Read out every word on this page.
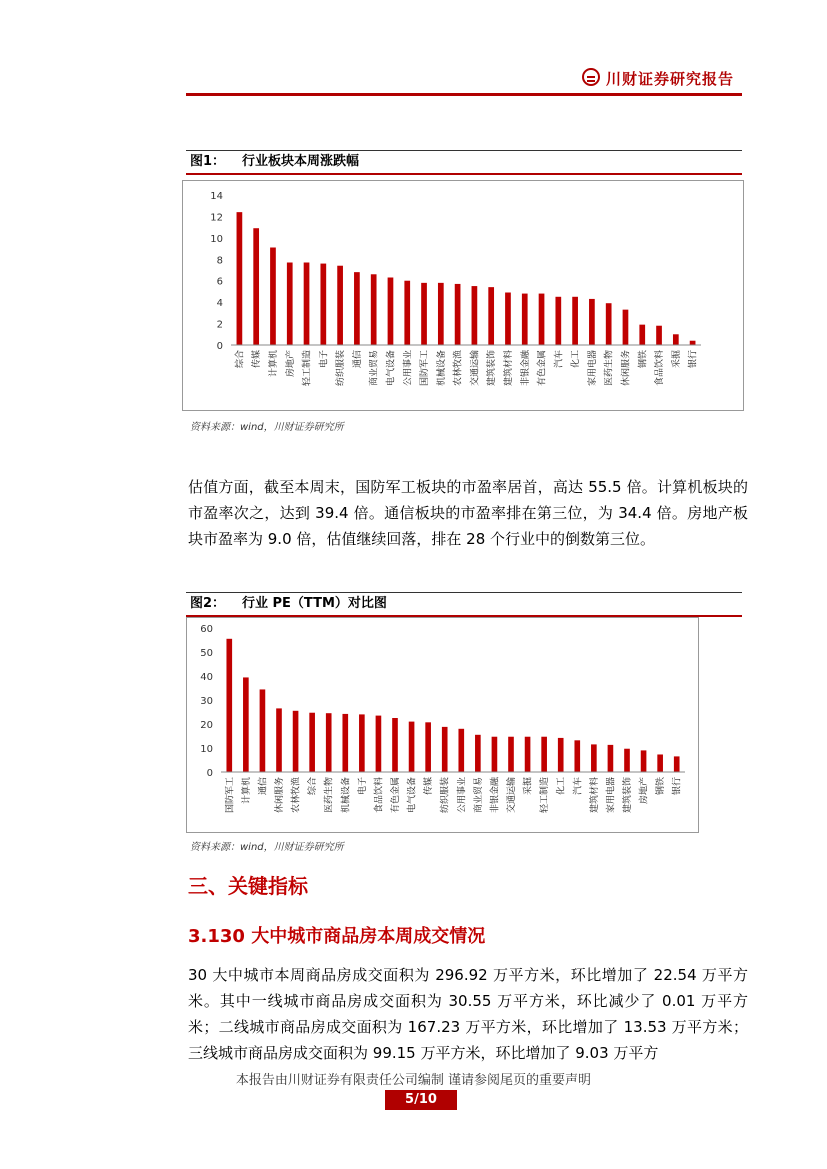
川财证券研究报告
图1： 行业板块本周涨跌幅
0
2
4
6
8
10
12
14
综合 传媒 计算机 房地产 轻工制造 电子 纺织服装 通信 商业贸易 电气设备 公用事业 国防军工 机械设备 农林牧渔 交通运输 建筑装饰 建筑材料 非银金融 有色金属 汽车 化工 家用电器 医药生物 休闲服务 钢铁 食品饮料 采掘 银行
资料来源：wind，川财证券研究所
估值方面，截至本周末，国防军工板块的市盈率居首，高达 55.5 倍。计算机板块的市盈率次之，达到 39.4 倍。通信板块的市盈率排在第三位，为 34.4 倍。房地产板块市盈率为 9.0 倍，估值继续回落，排在 28 个行业中的倒数第三位。
图2： 行业 PE（TTM）对比图
0
10
20
30
40
50
60
国防军工 计算机 通信 休闲服务 农林牧渔 综合 医药生物 机械设备 电子 食品饮料 有色金属 电气设备 传媒 纺织服装 公用事业 商业贸易 非银金融 交通运输 采掘 轻工制造 化工 汽车 建筑材料 家用电器 建筑装饰 房地产 钢铁 银行
资料来源：wind，川财证券研究所
三、关键指标
3.130 大中城市商品房本周成交情况
30 大中城市本周商品房成交面积为 296.92 万平方米，环比增加了 22.54 万平方米。其中一线城市商品房成交面积为 30.55 万平方米，环比减少了 0.01 万平方米；二线城市商品房成交面积为 167.23 万平方米，环比增加了 13.53 万平方米；三线城市商品房成交面积为 99.15 万平方米，环比增加了 9.03 万平方
本报告由川财证券有限责任公司编制 谨请参阅尾页的重要声明
5/10
